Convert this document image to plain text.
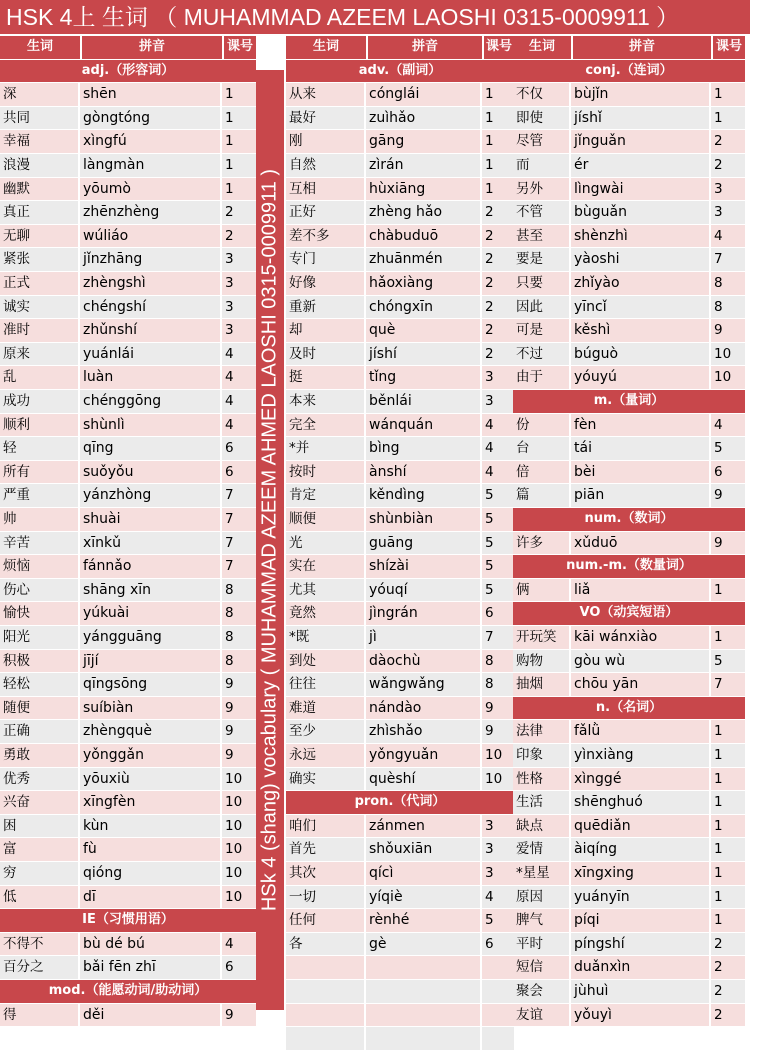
HSK 4上 生词 （ MUHAMMAD AZEEM LAOSHI 0315-0009911 ）
生词	拼音	课号
adj.（形容词）
深	shēn	1
共同	gòngtóng	1
幸福	xìngfú	1
浪漫	làngmàn	1
幽默	yōumò	1
真正	zhēnzhèng	2
无聊	wúliáo	2
紧张	jǐnzhāng	3
正式	zhèngshì	3
诚实	chéngshí	3
准时	zhǔnshí	3
原来	yuánlái	4
乱	luàn	4
成功	chénggōng	4
顺利	shùnlì	4
轻	qīng	6
所有	suǒyǒu	6
严重	yánzhòng	7
帅	shuài	7
辛苦	xīnkǔ	7
烦恼	fánnǎo	7
伤心	shāng xīn	8
愉快	yúkuài	8
阳光	yángguāng	8
积极	jījí	8
轻松	qīngsōng	9
随便	suíbiàn	9
正确	zhèngquè	9
勇敢	yǒnggǎn	9
优秀	yōuxiù	10
兴奋	xīngfèn	10
困	kùn	10
富	fù	10
穷	qióng	10
低	dī	10
IE（习惯用语）
不得不	bù dé bú	4
百分之	bǎi fēn zhī	6
mod.（能愿动词/助动词）
得	děi	9
HSk 4 (shang) vocabulary ( MUHAMMAD AZEEM AHMED LAOSHI 0315-0009911 )
生词	拼音	课号
adv.（副词）
从来	cónglái	1
最好	zuìhǎo	1
刚	gāng	1
自然	zìrán	1
互相	hùxiāng	1
正好	zhèng hǎo	2
差不多	chàbuduō	2
专门	zhuānmén	2
好像	hǎoxiàng	2
重新	chóngxīn	2
却	què	2
及时	jíshí	2
挺	tǐng	3
本来	běnlái	3
完全	wánquán	4
*并	bìng	4
按时	ànshí	4
肯定	kěndìng	5
顺便	shùnbiàn	5
光	guāng	5
实在	shízài	5
尤其	yóuqí	5
竟然	jìngrán	6
*既	jì	7
到处	dàochù	8
往往	wǎngwǎng	8
难道	nándào	9
至少	zhìshǎo	9
永远	yǒngyuǎn	10
确实	quèshí	10
pron.（代词）
咱们	zánmen	3
首先	shǒuxiān	3
其次	qícì	3
一切	yíqiè	4
任何	rènhé	5
各	gè	6
生词	拼音	课号
conj.（连词）
不仅	bùjǐn	1
即使	jíshǐ	1
尽管	jǐnguǎn	2
而	ér	2
另外	lìngwài	3
不管	bùguǎn	3
甚至	shènzhì	4
要是	yàoshi	7
只要	zhǐyào	8
因此	yīncǐ	8
可是	kěshì	9
不过	búguò	10
由于	yóuyú	10
m.（量词）
份	fèn	4
台	tái	5
倍	bèi	6
篇	piān	9
num.（数词）
许多	xǔduō	9
num.-m.（数量词）
俩	liǎ	1
VO（动宾短语）
开玩笑	kāi wánxiào	1
购物	gòu wù	5
抽烟	chōu yān	7
n.（名词）
法律	fǎlǜ	1
印象	yìnxiàng	1
性格	xìnggé	1
生活	shēnghuó	1
缺点	quēdiǎn	1
爱情	àiqíng	1
*星星	xīngxing	1
原因	yuányīn	1
脾气	píqi	1
平时	píngshí	2
短信	duǎnxìn	2
聚会	jùhuì	2
友谊	yǒuyì	2
